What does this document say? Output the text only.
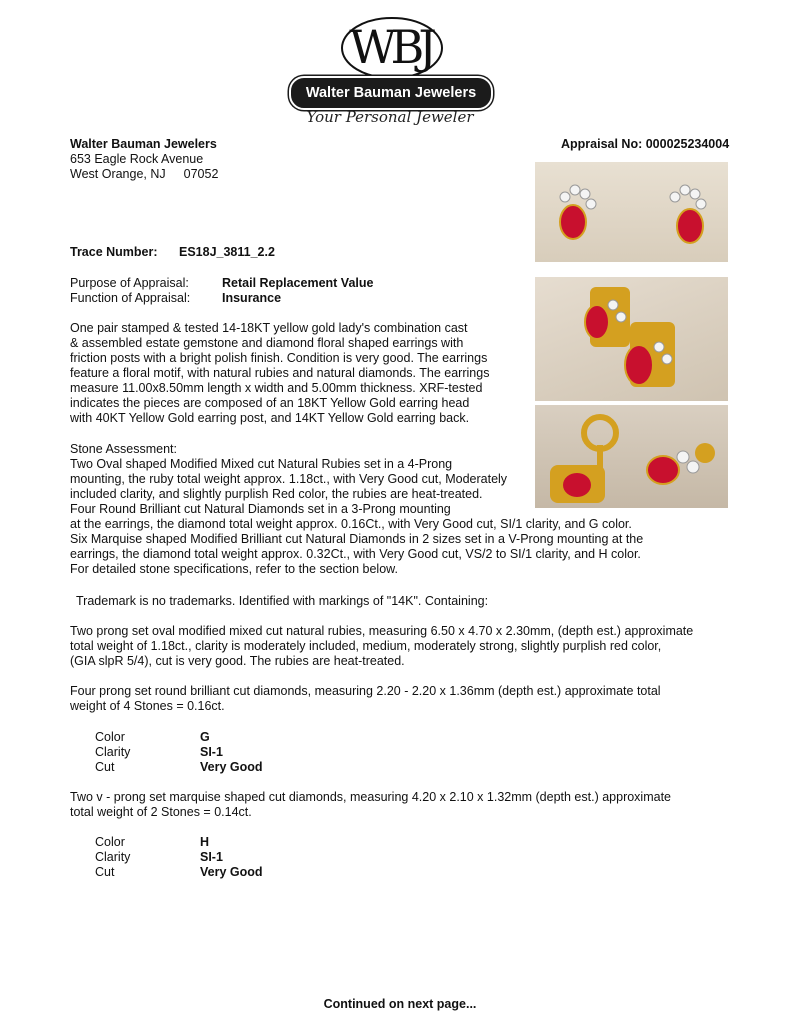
WBJ
Walter Bauman Jewelers
Your Personal Jeweler
Walter Bauman Jewelers
653 Eagle Rock Avenue
West Orange, NJ 07052
Appraisal No: 000025234004
Trace Number: ES18J_3811_2.2
Purpose of Appraisal:	Retail Replacement Value
Function of Appraisal:	Insurance
One pair stamped & tested 14-18KT yellow gold lady's combination cast
& assembled estate gemstone and diamond floral shaped earrings with
friction posts with a bright polish finish. Condition is very good. The earrings
feature a floral motif, with natural rubies and natural diamonds. The earrings
measure 11.00x8.50mm length x width and 5.00mm thickness. XRF-tested
indicates the pieces are composed of an 18KT Yellow Gold earring head
with 40KT Yellow Gold earring post, and 14KT Yellow Gold earring back.
Stone Assessment:
Two Oval shaped Modified Mixed cut Natural Rubies set in a 4-Prong
mounting, the ruby total weight approx. 1.18ct., with Very Good cut, Moderately
included clarity, and slightly purplish Red color, the rubies are heat-treated.
Four Round Brilliant cut Natural Diamonds set in a 3-Prong mounting
at the earrings, the diamond total weight approx. 0.16Ct., with Very Good cut, SI/1 clarity, and G color.
Six Marquise shaped Modified Brilliant cut Natural Diamonds in 2 sizes set in a V-Prong mounting at the
earrings, the diamond total weight approx. 0.32Ct., with Very Good cut, VS/2 to SI/1 clarity, and H color.
For detailed stone specifications, refer to the section below.
Trademark is no trademarks. Identified with markings of "14K". Containing:
Two prong set oval modified mixed cut natural rubies, measuring 6.50 x 4.70 x 2.30mm, (depth est.) approximate
total weight of 1.18ct., clarity is moderately included, medium, moderately strong, slightly purplish red color,
(GIA slpR 5/4), cut is very good. The rubies are heat-treated.
Four prong set round brilliant cut diamonds, measuring 2.20 - 2.20 x 1.36mm (depth est.) approximate total
weight of 4 Stones = 0.16ct.
Color	G
Clarity	SI-1
Cut	Very Good
Two v - prong set marquise shaped cut diamonds, measuring 4.20 x 2.10 x 1.32mm (depth est.) approximate
total weight of 2 Stones = 0.14ct.
Color	H
Clarity	SI-1
Cut	Very Good
Continued on next page...
